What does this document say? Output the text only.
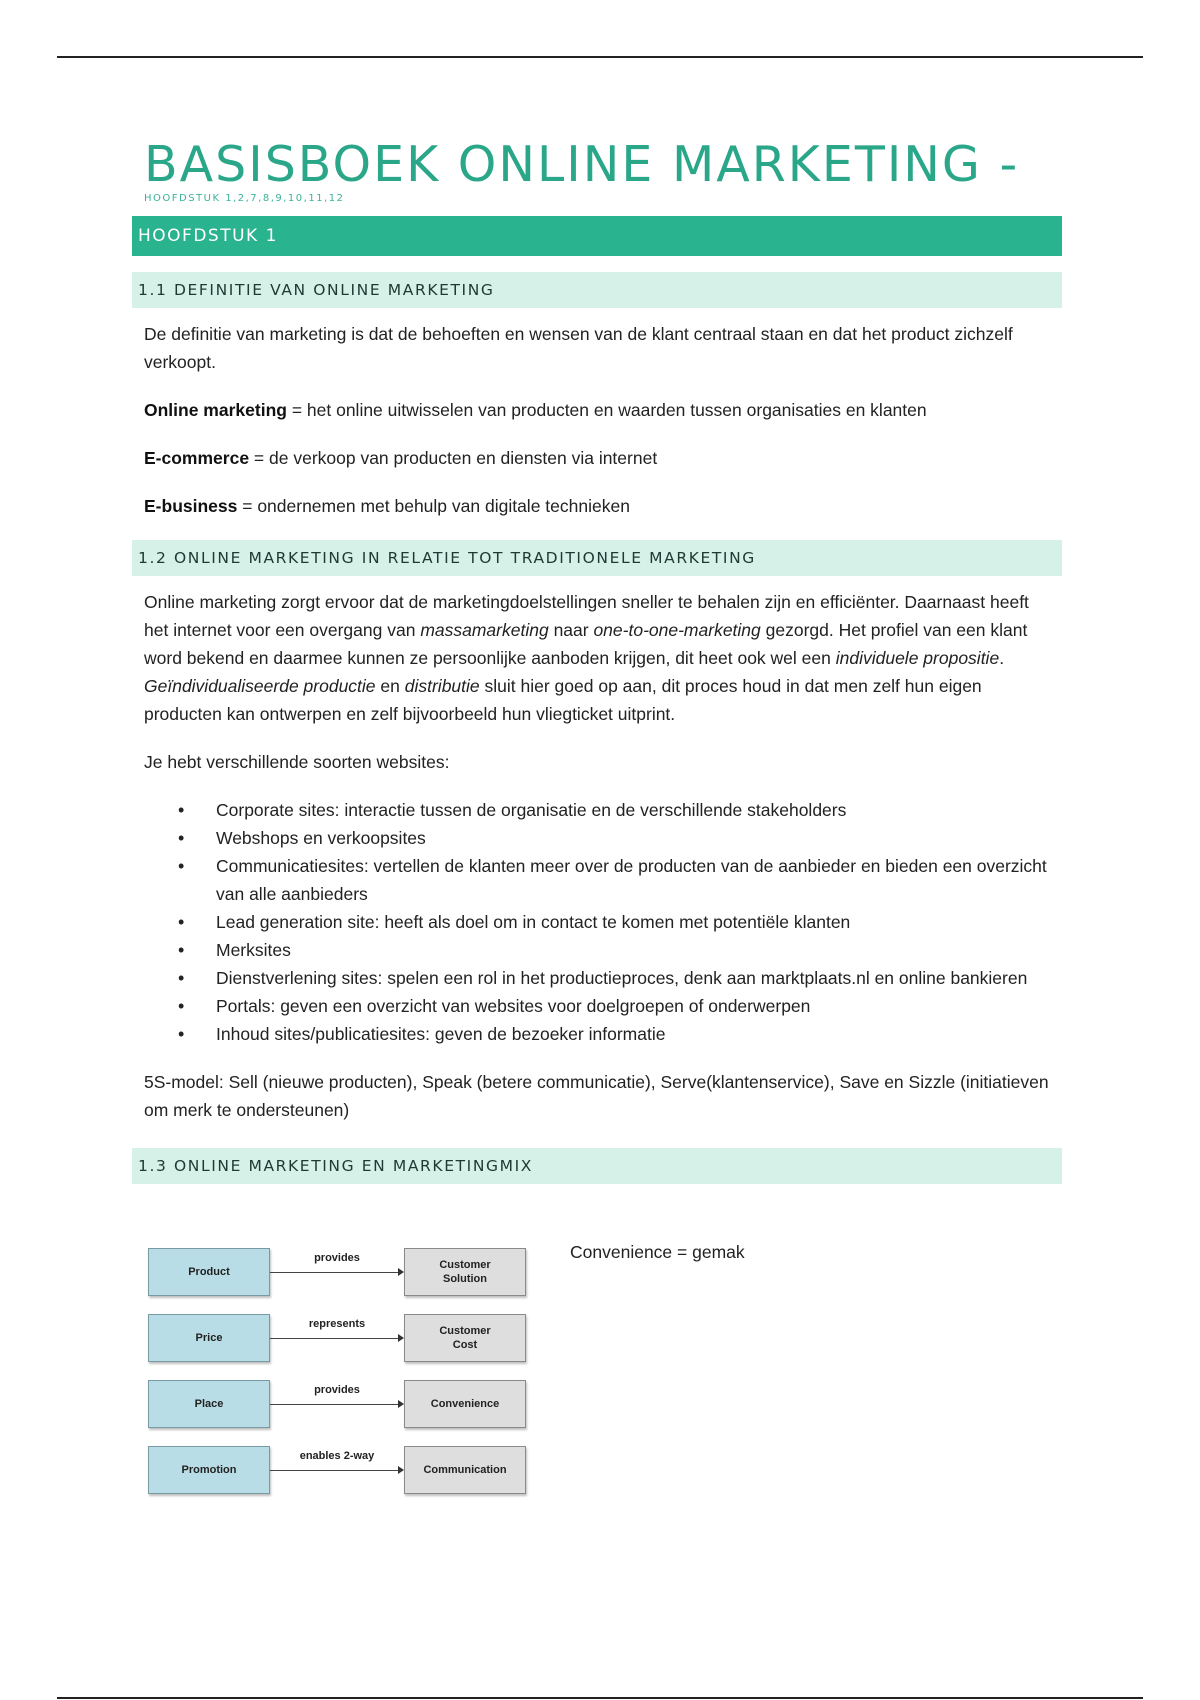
BASISBOEK ONLINE MARKETING -
HOOFDSTUK 1,2,7,8,9,10,11,12
HOOFDSTUK 1
1.1 DEFINITIE VAN ONLINE MARKETING

De definitie van marketing is dat de behoeften en wensen van de klant centraal staan en dat het product zichzelf verkoopt.

Online marketing = het online uitwisselen van producten en waarden tussen organisaties en klanten

E-commerce = de verkoop van producten en diensten via internet

E-business = ondernemen met behulp van digitale technieken

1.2 ONLINE MARKETING IN RELATIE TOT TRADITIONELE MARKETING

Online marketing zorgt ervoor dat de marketingdoelstellingen sneller te behalen zijn en efficiënter. Daarnaast heeft het internet voor een overgang van massamarketing naar one-to-one-marketing gezorgd. Het profiel van een klant word bekend en daarmee kunnen ze persoonlijke aanboden krijgen, dit heet ook wel een individuele propositie. Geïndividualiseerde productie en distributie sluit hier goed op aan, dit proces houd in dat men zelf hun eigen producten kan ontwerpen en zelf bijvoorbeeld hun vliegticket uitprint.

Je hebt verschillende soorten websites:

• Corporate sites: interactie tussen de organisatie en de verschillende stakeholders
• Webshops en verkoopsites
• Communicatiesites: vertellen de klanten meer over de producten van de aanbieder en bieden een overzicht van alle aanbieders
• Lead generation site: heeft als doel om in contact te komen met potentiële klanten
• Merksites
• Dienstverlening sites: spelen een rol in het productieproces, denk aan marktplaats.nl en online bankieren
• Portals: geven een overzicht van websites voor doelgroepen of onderwerpen
• Inhoud sites/publicatiesites: geven de bezoeker informatie

5S-model: Sell (nieuwe producten), Speak (betere communicatie), Serve(klantenservice), Save en Sizzle (initiatieven om merk te ondersteunen)

1.3 ONLINE MARKETING EN MARKETINGMIX
Product
Customer
Solution
provides
Price
Customer
Cost
represents
Place	Convenience
provides
Promotion	Communication
enables 2-way
Convenience = gemak
